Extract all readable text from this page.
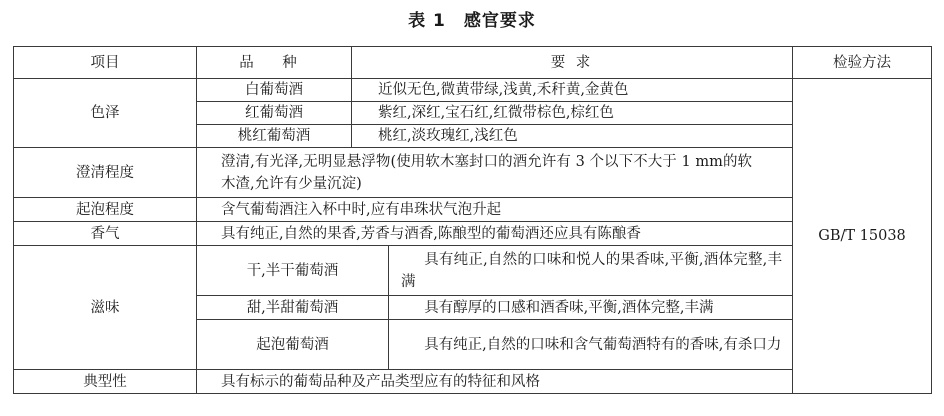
表 1 感官要求
项目	品 种	要 求		检验方法
色泽	白葡萄酒	近似无色,微黄带绿,浅黄,禾秆黄,金黄色		GB/T 15038
	红葡萄酒	紫红,深红,宝石红,红微带棕色,棕红色		
	桃红葡萄酒	桃红,淡玫瑰红,浅红色		
澄清程度	澄清,有光泽,无明显悬浮物(使用软木塞封口的酒允许有 3 个以下不大于 1 mm的软木渣,允许有少量沉淀)			
起泡程度	含气葡萄酒注入杯中时,应有串珠状气泡升起			
香气	具有纯正,自然的果香,芳香与酒香,陈酿型的葡萄酒还应具有陈酿香			
滋味	干,半干葡萄酒		具有纯正,自然的口味和悦人的果香味,平衡,酒体完整,丰满	
	甜,半甜葡萄酒		具有醇厚的口感和酒香味,平衡,酒体完整,丰满	
	起泡葡萄酒		具有纯正,自然的口味和含气葡萄酒特有的香味,有杀口力	
典型性	具有标示的葡萄品种及产品类型应有的特征和风格			
